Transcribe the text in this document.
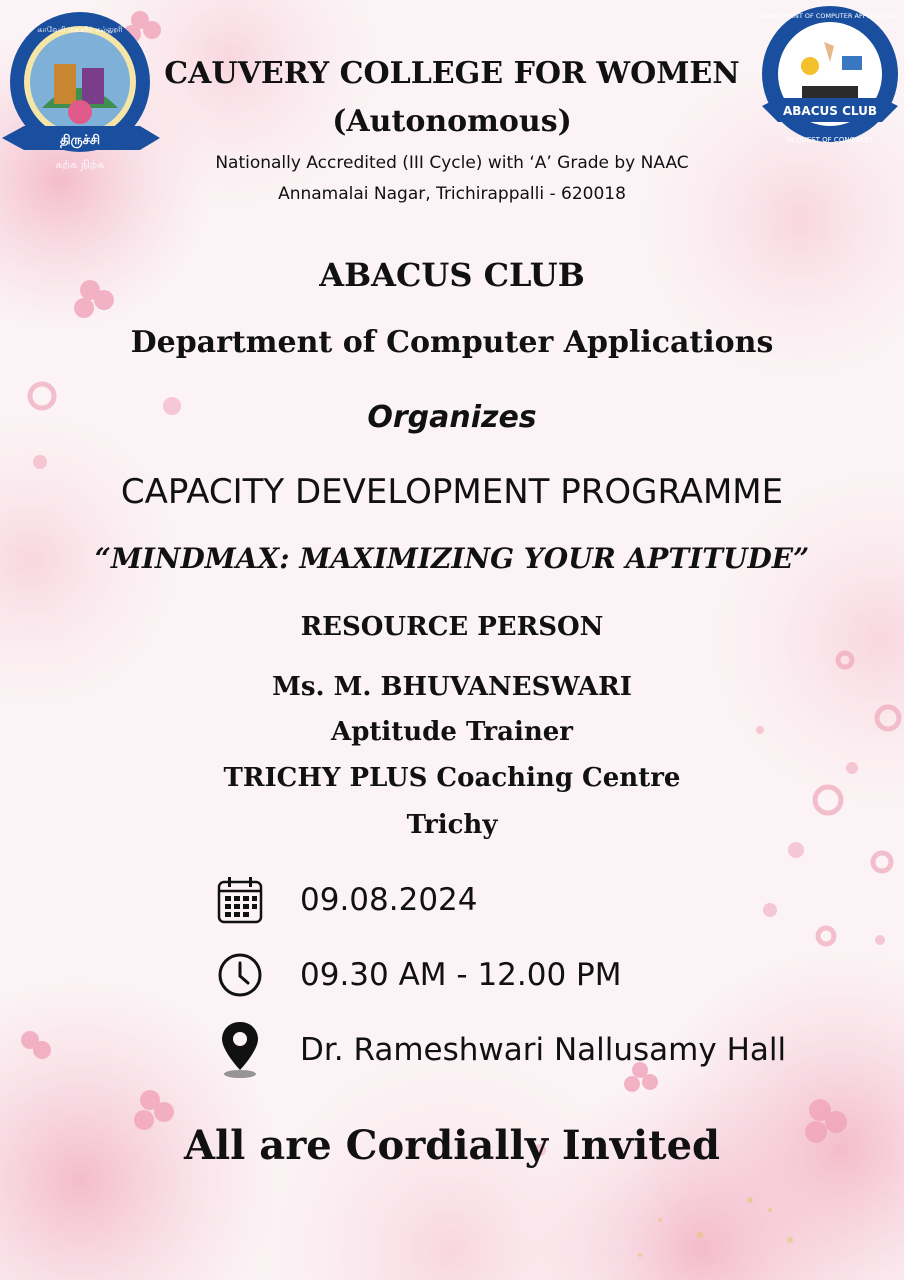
திருச்சி
கற்க நிற்க
காவேரி மகளிர் கல்லூரி
ABACUS CLUB
IN QUEST OF CONQUEST
DEPARTMENT OF COMPUTER APPLICATIONS
CAUVERY COLLEGE FOR WOMEN
(Autonomous)
Nationally Accredited (III Cycle) with ‘A’ Grade by NAAC
Annamalai Nagar, Trichirappalli - 620018
ABACUS CLUB
Department of Computer Applications
Organizes
CAPACITY DEVELOPMENT PROGRAMME
“MINDMAX: MAXIMIZING YOUR APTITUDE”
RESOURCE PERSON
Ms. M. BHUVANESWARI
Aptitude Trainer
TRICHY PLUS Coaching Centre
Trichy
09.08.2024
09.30 AM - 12.00 PM
Dr. Rameshwari Nallusamy Hall
All are Cordially Invited
